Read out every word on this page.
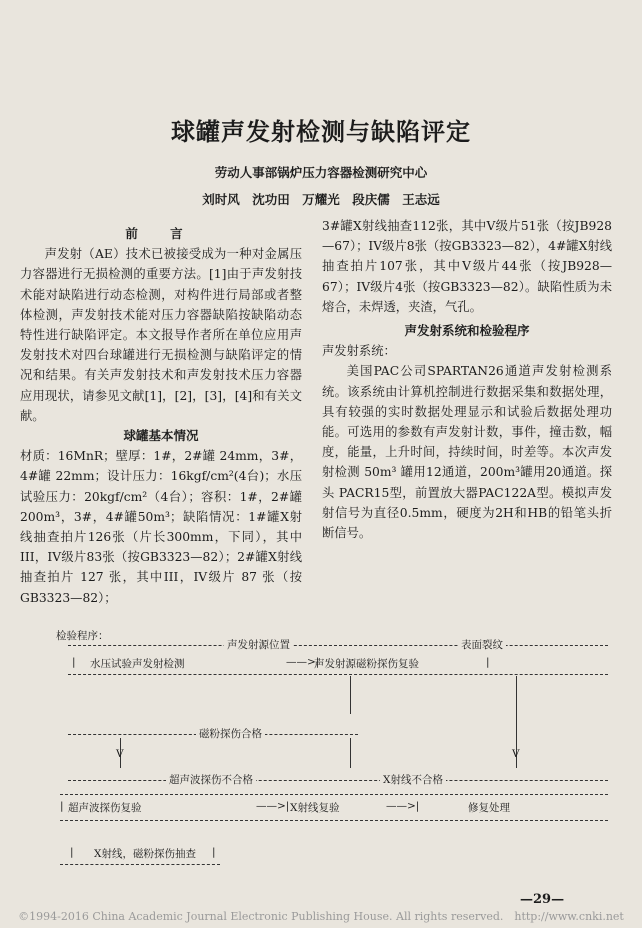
球罐声发射检测与缺陷评定
劳动人事部锅炉压力容器检测研究中心
刘时风　沈功田　万耀光　段庆儒　王志远
前 言

声发射（AE）技术已被接受成为一种对金属压力容器进行无损检测的重要方法。[1]由于声发射技术能对缺陷进行动态检测，对构件进行局部或者整体检测，声发射技术能对压力容器缺陷按缺陷动态特性进行缺陷评定。本文报导作者所在单位应用声发射技术对四台球罐进行无损检测与缺陷评定的情况和结果。有关声发射技术和声发射技术压力容器应用现状，请参见文献[1]，[2]，[3]，[4]和有关文献。

球罐基本情况

材质：16MnR；壁厚：1#，2#罐 24mm，3#，4#罐 22mm；设计压力：16kgf/cm²(4台)；水压试验压力：20kgf/cm²（4台）；容积：1#，2#罐200m³，3#，4#罐50m³；缺陷情况：1#罐X射线抽查拍片126张（片长300mm，下同），其中III，IV级片83张（按GB3323—82）；2#罐X射线抽查拍片 127 张，其中III，IV级片 87 张（按 GB3323—82）；

3#罐X射线抽查112张，其中V级片51张（按JB928—67）；IV级片8张（按GB3323—82），4#罐X射线抽查拍片107张，其中V级片44张（按JB928—67）；IV级片4张（按GB3323—82）。缺陷性质为未熔合，未焊透，夹渣，气孔。

声发射系统和检验程序

声发射系统：

美国PAC公司SPARTAN26通道声发射检测系统。该系统由计算机控制进行数据采集和数据处理，具有较强的实时数据处理显示和试验后数据处理功能。可选用的参数有声发射计数，事件，撞击数，幅度，能量，上升时间，持续时间，时差等。本次声发射检测 50m³ 罐用12通道，200m³罐用20通道。探头 PACR15型，前置放大器PAC122A型。模拟声发射信号为直径0.5mm，硬度为2H和HB的铅笔头折断信号。

检验程序：
声发射源位置	表面裂纹
| 水压试验声发射检测	——>|
声发射源磁粉探伤复验	|
磁粉探伤合格
V	V
超声波探伤不合格	X射线不合格
| 超声波探伤复验	——>| X射线复验	——>|	修复处理
| X射线，磁粉探伤抽查 |
—29—
©1994-2016 China Academic Journal Electronic Publishing House. All rights reserved.　http://www.cnki.net
